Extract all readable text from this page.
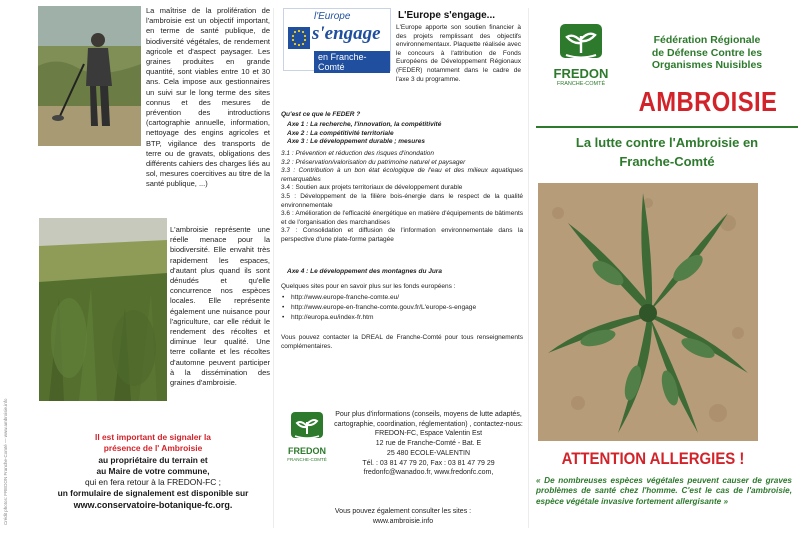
La maîtrise de la prolifération de l'ambroisie est un objectif important, en terme de santé publique, de biodiversité végétales, de rendement agricole et d'aspect paysager. Les graines produites en grande quantité, sont viables entre 10 et 30 ans. Cela impose aux gestionnaires un suivi sur le long terme des sites connus et des mesures de prévention des introductions (cartographie annuelle, information, nettoyage des engins agricoles et BTP, vigilance des transports de terre ou de gravats, obligations des différents cahiers des charges liés au sol, mesures coercitives au titre de la santé publique, ...)
L'ambroisie représente une réelle menace pour la biodiversité. Elle envahit très rapidement les espaces, d'autant plus quand ils sont dénudés et qu'elle concurrence nos espèces locales. Elle représente également une nuisance pour l'agriculture, car elle réduit le rendement des récoltes et diminue leur qualité. Une terre collante et les récoltes d'automne peuvent participer à la dissémination des graines d'ambroisie.
Il est important de signaler la
présence de l' Ambroisie
au propriétaire du terrain et
au Maire de votre commune,
qui en fera retour à la FREDON-FC ;
un formulaire de signalement est disponible sur
www.conservatoire-botanique-fc.org.
Crédit photos: FREDON Franche-Comté — www.ambroisie.info
l'Europe
s'engage
en Franche-Comté
L'Europe s'engage...
L'Europe apporte son soutien financier à des projets remplissant des objectifs environnementaux. Plaquette réalisée avec le concours à l'attribution de Fonds Européens de Développement Régionaux (FEDER) notamment dans le cadre de l'axe 3 du programme.
Qu'est ce que le FEDER ?
Axe 1 : La recherche, l'innovation, la compétitivité
Axe 2 : La compétitivité territoriale
Axe 3 : Le développement durable ; mesures
3.1 : Prévention et réduction des risques d'inondation
3.2 : Préservation/valorisation du patrimoine naturel et paysager
3.3 : Contribution à un bon état écologique de l'eau et des milieux aquatiques remarquables
3.4 : Soutien aux projets territoriaux de développement durable
3.5 : Développement de la filière bois-énergie dans le respect de la qualité environnementale
3.6 : Amélioration de l'efficacité énergétique en matière d'équipements de bâtiments et de l'organisation des marchandises
3.7 : Consolidation et diffusion de l'information environnementale dans la perspective d'une plate-forme partagée
Axe 4 : Le développement des montagnes du Jura
Quelques sites pour en savoir plus sur les fonds européens :
• http://www.europe-franche-comte.eu/
• http://www.europe-en-franche-comte.gouv.fr/L'europe-s-engage
• http://europa.eu/index-fr.htm
Vous pouvez contacter la DREAL de Franche-Comté pour tous renseignements complémentaires.
FREDON
FRANCHE-COMTÉ
Pour plus d'informations (conseils, moyens de lutte adaptés, cartographie, coordination, réglementation) , contactez-nous:
FREDON-FC, Espace Valentin Est
12 rue de Franche-Comté - Bat. E
25 480 ECOLE-VALENTIN
Tél. : 03 81 47 79 20, Fax : 03 81 47 79 29
fredonfc@wanadoo.fr, www.fredonfc.com,
Vous pouvez également consulter les sites :
www.ambroisie.info
FREDON
FRANCHE-COMTÉ
Fédération Régionale
de Défense Contre les
Organismes Nuisibles
AMBROISIE
La lutte contre l'Ambroisie en
Franche-Comté
ATTENTION ALLERGIES !
« De nombreuses espèces végétales peuvent causer de graves problèmes de santé chez l'homme. C'est le cas de l'ambroisie, espèce végétale invasive fortement allergisante »
